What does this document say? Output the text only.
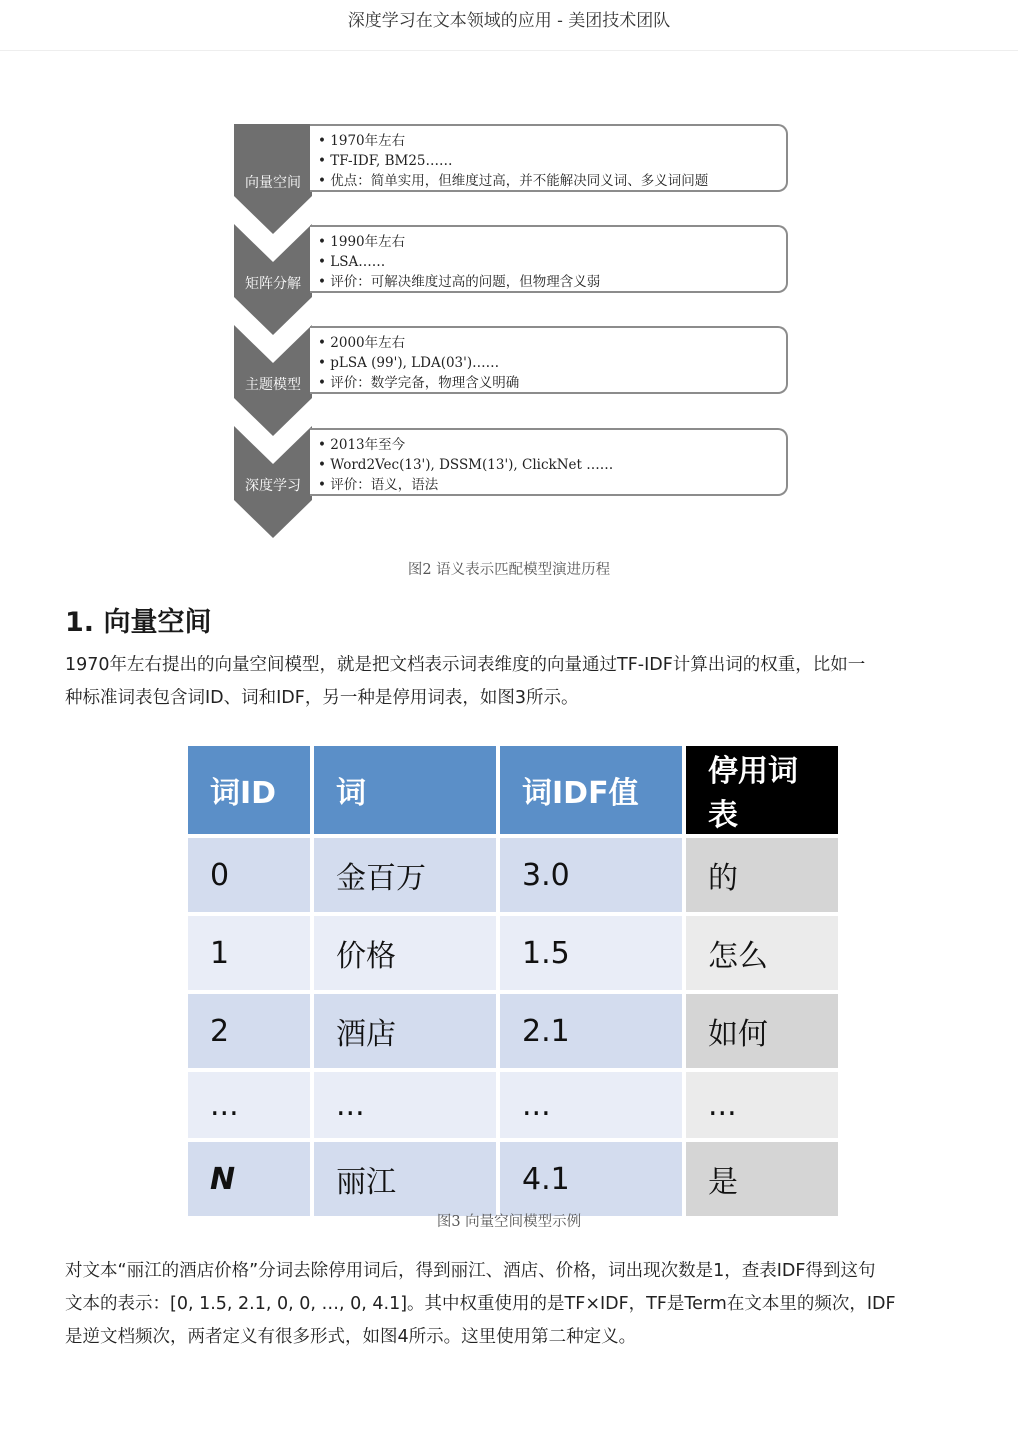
深度学习在文本领域的应用 - 美团技术团队
向量空间
• 1970年左右
• TF-IDF, BM25……
• 优点：简单实用，但维度过高，并不能解决同义词、多义词问题
矩阵分解
• 1990年左右
• LSA……
• 评价：可解决维度过高的问题，但物理含义弱
主题模型
• 2000年左右
• pLSA (99'), LDA(03')……
• 评价：数学完备，物理含义明确
深度学习
• 2013年至今
• Word2Vec(13'), DSSM(13'), ClickNet ……
• 评价：语义，语法
图2 语义表示匹配模型演进历程
1. 向量空间
1970年左右提出的向量空间模型，就是把文档表示词表维度的向量通过TF-IDF计算出词的权重，比如一
种标准词表包含词ID、词和IDF，另一种是停用词表，如图3所示。
词ID	词	词IDF值	停用词表
0	金百万	3.0	的
1	价格	1.5	怎么
2	酒店	2.1	如何
...	...	...	...
N	丽江	4.1	是
图3 向量空间模型示例
对文本“丽江的酒店价格”分词去除停用词后，得到丽江、酒店、价格，词出现次数是1，查表IDF得到这句
文本的表示：[0, 1.5, 2.1, 0, 0, …, 0, 4.1]。其中权重使用的是TF×IDF，TF是Term在文本里的频次，IDF
是逆文档频次，两者定义有很多形式，如图4所示。这里使用第二种定义。
